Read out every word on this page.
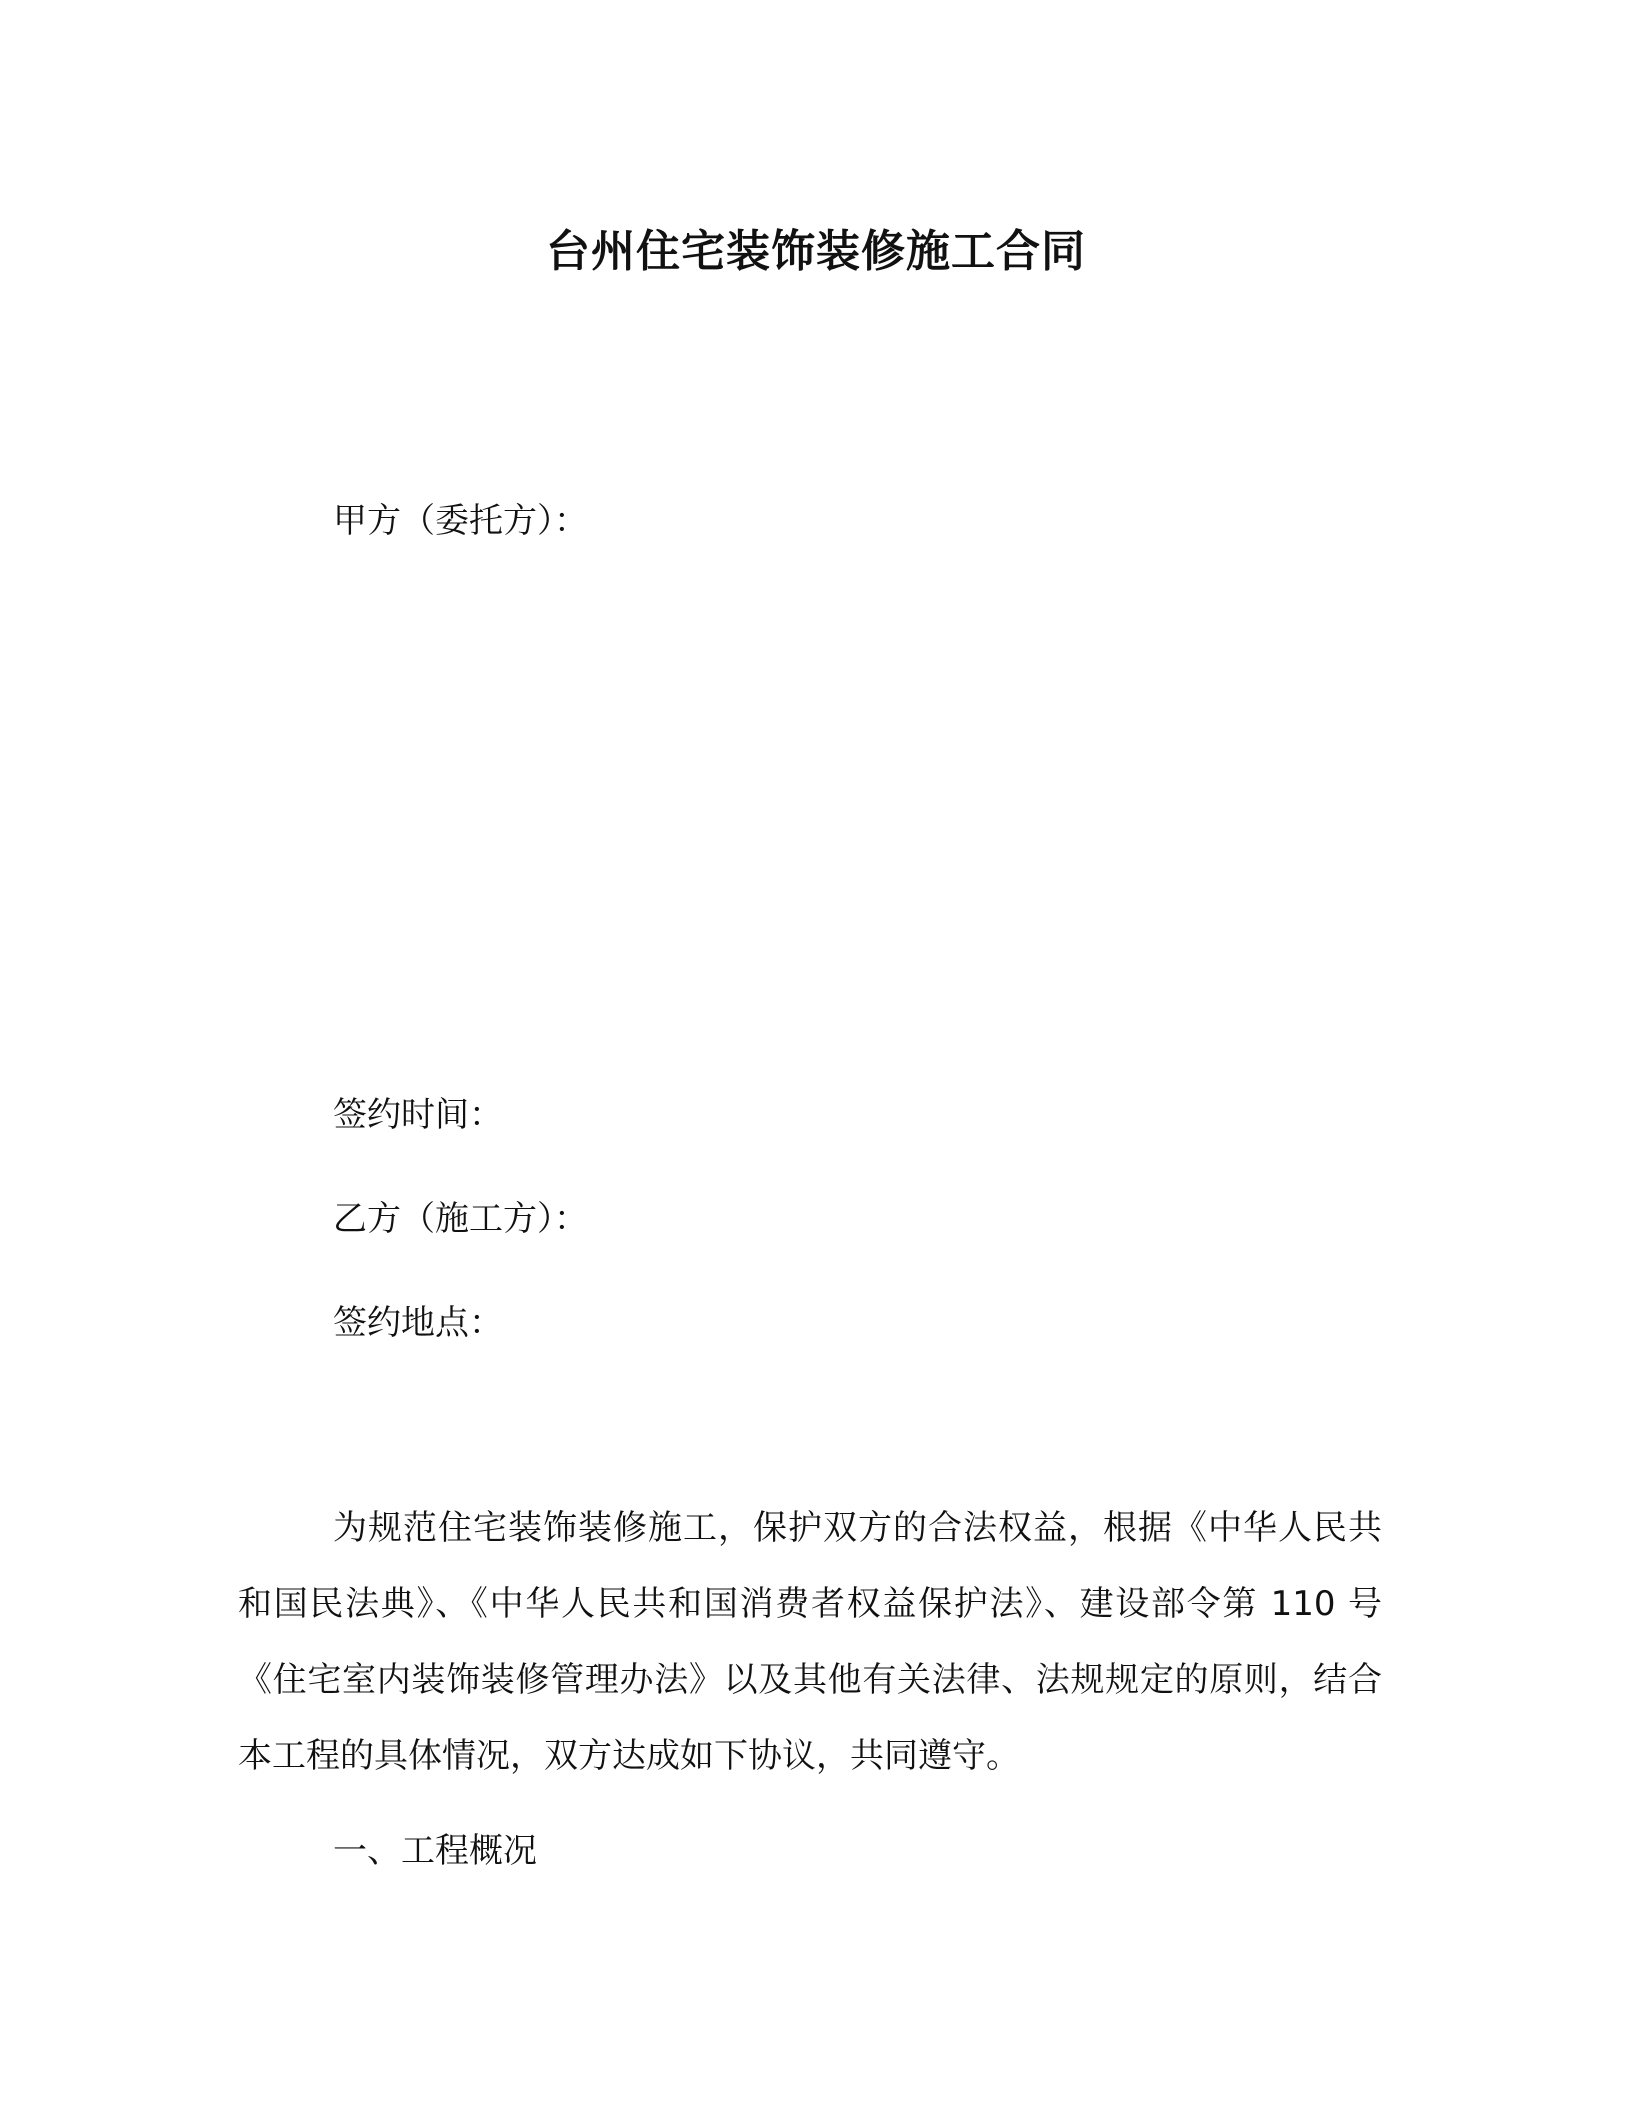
台州住宅装饰装修施工合同
甲方（委托方）：
签约时间：
乙方（施工方）：
签约地点：

为规范住宅装饰装修施工，保护双方的合法权益，根据《中华人民共和国民法典》、《中华人民共和国消费者权益保护法》、建设部令第 110 号《住宅室内装饰装修管理办法》以及其他有关法律、法规规定的原则，结合本工程的具体情况，双方达成如下协议，共同遵守。

一、工程概况
